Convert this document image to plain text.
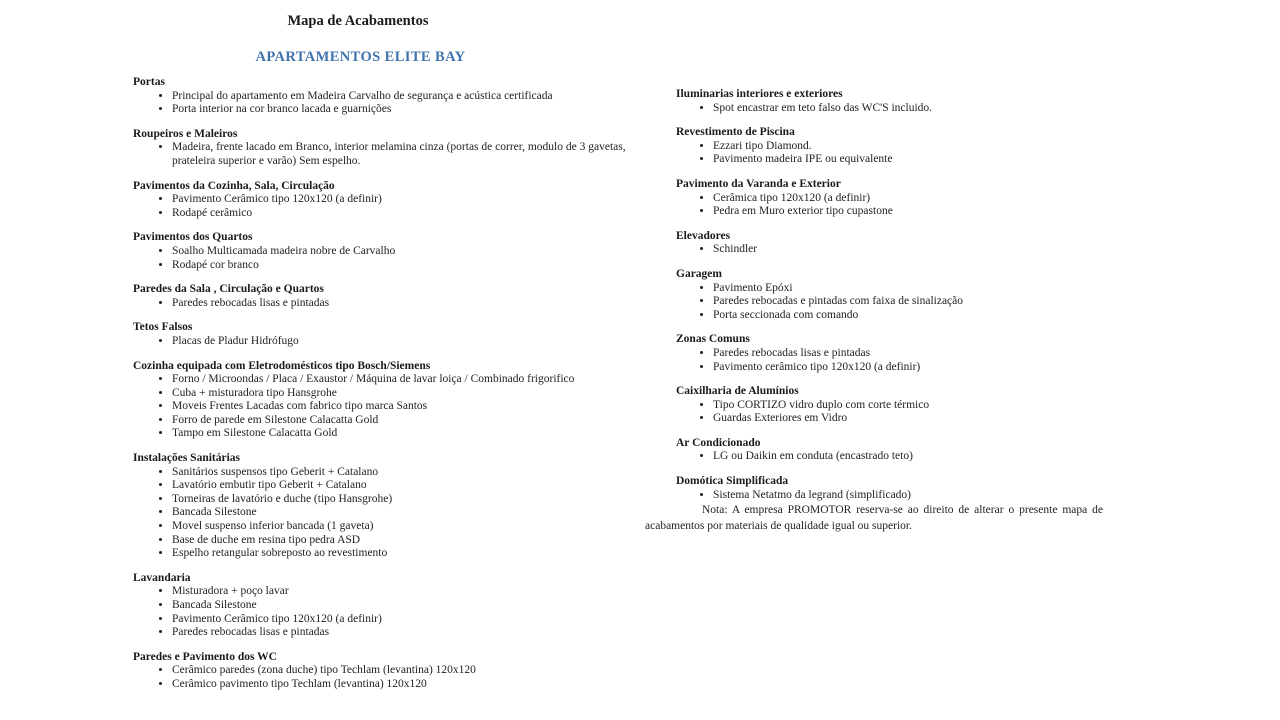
Mapa de Acabamentos
APARTAMENTOS ELITE BAY
Portas
• Principal do apartamento em Madeira Carvalho de segurança e acústica certificada
• Porta interior na cor branco lacada e guarnições
Roupeiros e Maleiros
• Madeira, frente lacado em Branco, interior melamina cinza (portas de correr, modulo de 3 gavetas, prateleira superior e varão) Sem espelho.
Pavimentos da Cozinha, Sala, Circulação
• Pavimento Cerâmico tipo 120x120 (a definir)
• Rodapé cerâmico
Pavimentos dos Quartos
• Soalho Multicamada madeira nobre de Carvalho
• Rodapé cor branco
Paredes da Sala , Circulação e Quartos
• Paredes rebocadas lisas e pintadas
Tetos Falsos
• Placas de Pladur Hidrófugo
Cozinha equipada com Eletrodomésticos tipo Bosch/Siemens
• Forno / Microondas / Placa / Exaustor / Máquina de lavar loiça / Combinado frigorifico
• Cuba + misturadora tipo Hansgrohe
• Moveis Frentes Lacadas com fabrico tipo marca Santos
• Forro de parede em Silestone Calacatta Gold
• Tampo em Silestone Calacatta Gold
Instalações Sanitárias
• Sanitários suspensos tipo Geberit + Catalano
• Lavatório embutir tipo Geberit + Catalano
• Torneiras de lavatório e duche (tipo Hansgrohe)
• Bancada Silestone
• Movel suspenso inferior bancada (1 gaveta)
• Base de duche em resina tipo pedra ASD
• Espelho retangular sobreposto ao revestimento
Lavandaria
• Misturadora + poço lavar
• Bancada Silestone
• Pavimento Cerâmico tipo 120x120 (a definir)
• Paredes rebocadas lisas e pintadas
Paredes e Pavimento dos WC
• Cerâmico paredes (zona duche) tipo Techlam (levantina) 120x120
• Cerâmico pavimento tipo Techlam (levantina) 120x120
Iluminarias interiores e exteriores
• Spot encastrar em teto falso das WC'S incluido.
Revestimento de Piscina
• Ezzari tipo Diamond.
• Pavimento madeira IPE ou equivalente
Pavimento da Varanda e Exterior
• Cerâmica tipo 120x120 (a definir)
• Pedra em Muro exterior tipo cupastone
Elevadores
• Schindler
Garagem
• Pavimento Epóxi
• Paredes rebocadas e pintadas com faixa de sinalização
• Porta seccionada com comando
Zonas Comuns
• Paredes rebocadas lisas e pintadas
• Pavimento cerâmico tipo 120x120 (a definir)
Caixilharia de Alumínios
• Tipo CORTIZO vidro duplo com corte térmico
• Guardas Exteriores em Vidro
Ar Condicionado
• LG ou Daikin em conduta (encastrado teto)
Domótica Simplificada
• Sistema Netatmo da legrand (simplificado)

Nota: A empresa PROMOTOR reserva-se ao direito de alterar o presente mapa de acabamentos por materiais de qualidade igual ou superior.
